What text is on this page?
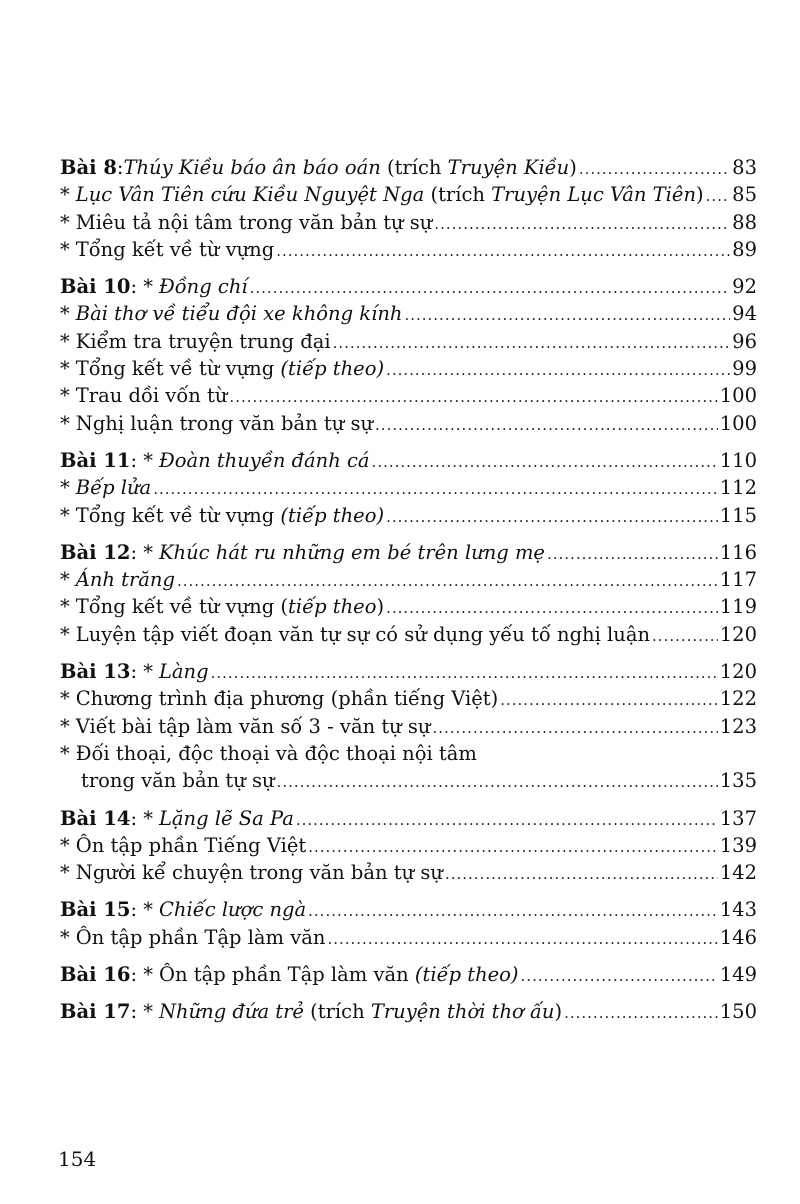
Bài 8 : Thúy Kiều báo ân báo oán (trích Truyện Kiều ) .....	83
* Lục Vân Tiên cứu Kiều Nguyệt Nga (trích Truyện Lục Vân Tiên ) ..... 85
* Miêu tả nội tâm trong văn bản tự sự .....	88
* Tổng kết về từ vựng .....	89
Bài 10 : * Đồng chí .....	92
* Bài thơ về tiểu đội xe không kính .....	94
* Kiểm tra truyện trung đại .....	96
* Tổng kết về từ vựng (tiếp theo) .....	99
* Trau dồi vốn từ .....	100
* Nghị luận trong văn bản tự sự .....	100
Bài 11 : * Đoàn thuyền đánh cá .....	110
* Bếp lửa .....	112
* Tổng kết về từ vựng (tiếp theo) .....	115
Bài 12 : * Khúc hát ru những em bé trên lưng mẹ .....	116
* Ánh trăng .....	117
* Tổng kết về từ vựng ( tiếp theo ) .....	119
* Luyện tập viết đoạn văn tự sự có sử dụng yếu tố nghị luận .....	120
Bài 13 : * Làng .....	120
* Chương trình địa phương (phần tiếng Việt) .....	122
* Viết bài tập làm văn số 3 - văn tự sự .....	123
* Đối thoại, độc thoại và độc thoại nội tâm
trong văn bản tự sự .....	135
Bài 14 : * Lặng lẽ Sa Pa .....	137
* Ôn tập phần Tiếng Việt .....	139
* Người kể chuyện trong văn bản tự sự .....	142
Bài 15 : * Chiếc lược ngà .....	143
* Ôn tập phần Tập làm văn .....	146
Bài 16 : * Ôn tập phần Tập làm văn (tiếp theo) .....	149
Bài 17 : * Những đứa trẻ (trích Truyện thời thơ ấu ) .....	150
154
